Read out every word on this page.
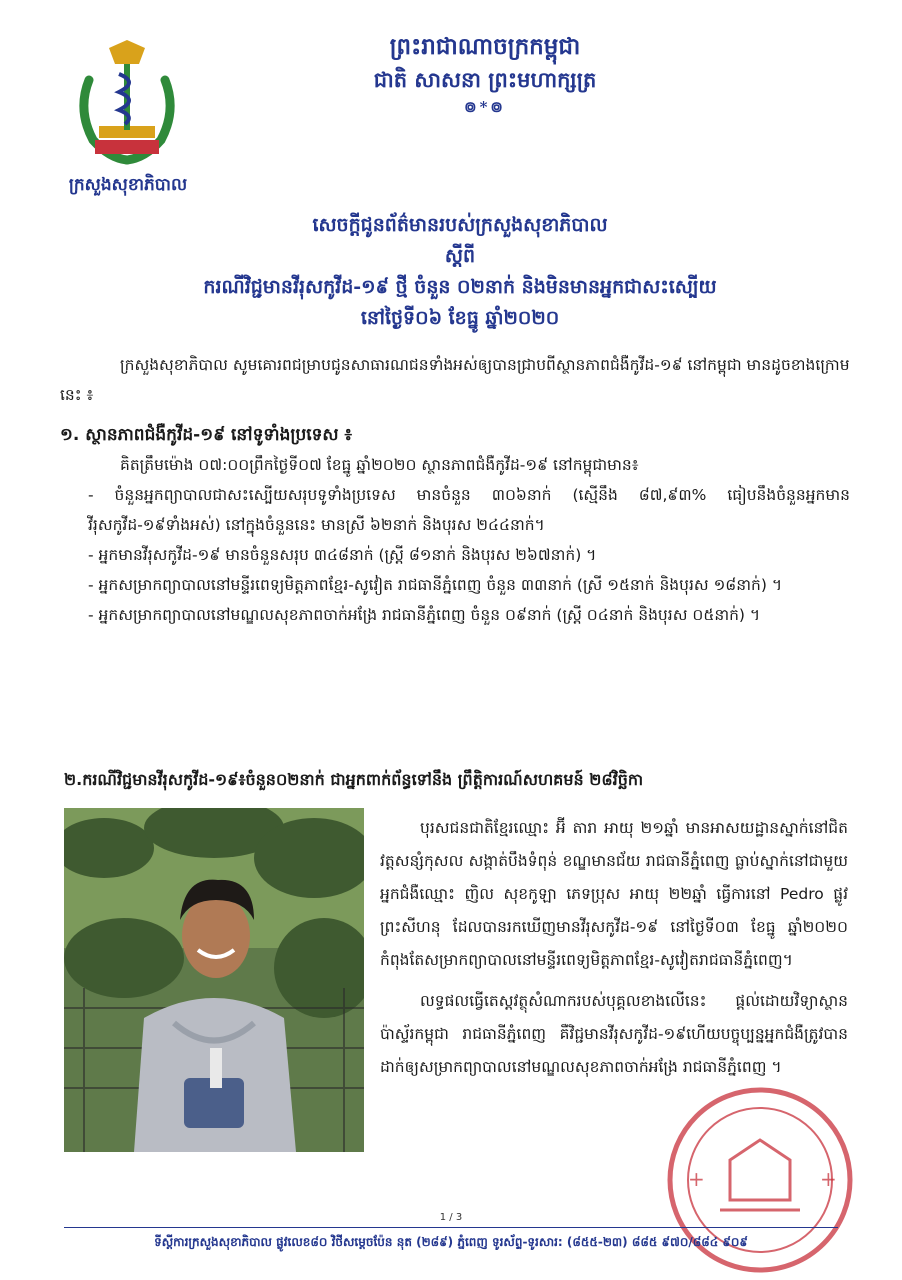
ក្រសួងសុខាភិបាល
ព្រះរាជាណាចក្រកម្ពុជា
ជាតិ សាសនា ព្រះមហាក្សត្រ
៙*៙
សេចក្តីជូនព័ត៌មានរបស់ក្រសួងសុខាភិបាល
ស្តីពី
ករណីវិជ្ជមានវីរុសកូវីដ-១៩ ថ្មី ចំនួន ០២នាក់ និងមិនមានអ្នកជាសះស្បើយ
នៅថ្ងៃទី០៦ ខែធ្នូ ឆ្នាំ២០២០
ក្រសួងសុខាភិបាល សូមគោរពជម្រាបជូនសាធារណជនទាំងអស់ឲ្យបានជ្រាបពីស្ថានភាពជំងឺកូវីដ-១៩ នៅកម្ពុជា មានដូចខាងក្រោមនេះ ៖
១. ស្ថានភាពជំងឺកូវីដ-១៩ នៅទូទាំងប្រទេស ៖
គិតត្រឹមម៉ោង ០៧:០០ព្រឹកថ្ងៃទី០៧ ខែធ្នូ ឆ្នាំ២០២០ ស្ថានភាពជំងឺកូវីដ-១៩ នៅកម្ពុជាមាន៖
- ចំនួនអ្នកព្យាបាលជាសះស្បើយសរុបទូទាំងប្រទេស មានចំនួន ៣០៦នាក់ (ស្មើនឹង ៨៧,៩៣% ធៀបនឹងចំនួនអ្នកមានវីរុសកូវីដ-១៩ទាំងអស់) នៅក្នុងចំនួននេះ មានស្រី ៦២នាក់ និងបុរស ២៤៤នាក់។
- អ្នកមានវីរុសកូវីដ-១៩ មានចំនួនសរុប ៣៤៨នាក់ (ស្ត្រី ៨១នាក់ និងបុរស ២៦៧នាក់) ។
- អ្នកសម្រាកព្យាបាលនៅមន្ទីរពេទ្យមិត្តភាពខ្មែរ-សូវៀត រាជធានីភ្នំពេញ ចំនួន ៣៣នាក់ (ស្រី ១៥នាក់ និងបុរស ១៨នាក់) ។
- អ្នកសម្រាកព្យាបាលនៅមណ្ឌលសុខភាពចាក់អង្រែ រាជធានីភ្នំពេញ ចំនួន ០៩នាក់ (ស្ត្រី ០៤នាក់ និងបុរស ០៥នាក់) ។
២.ករណីវិជ្ជមានវីរុសកូវីដ-១៩៖ចំនួន០២នាក់ ជាអ្នកពាក់ព័ន្ធទៅនឹង ព្រឹត្តិការណ៍សហគមន៍ ២៨វិច្ឆិកា

បុរសជនជាតិខ្មែរឈ្មោះ អ៊ី តារា អាយុ ២១ឆ្នាំ មានអាសយដ្ឋានស្នាក់នៅជិតវត្តសន្សំកុសល សង្កាត់បឹងទំពុន់ ខណ្ឌមានជ័យ រាជធានីភ្នំពេញ ធ្លាប់ស្នាក់នៅជាមួយអ្នកជំងឺឈ្មោះ ញិល សុខកូឡា ភេទប្រុស អាយុ ២២ឆ្នាំ ធ្វើការនៅ Pedro ផ្លូវព្រះសីហនុ ដែលបានរកឃើញមានវីរុសកូវីដ-១៩ នៅថ្ងៃទី០៣ ខែធ្នូ ឆ្នាំ២០២០ កំពុងតែសម្រាកព្យាបាលនៅមន្ទីរពេទ្យមិត្តភាពខ្មែរ-សូវៀតរាជធានីភ្នំពេញ។

លទ្ធផលធ្វើតេស្តវត្ថុសំណាករបស់បុគ្គលខាងលើនេះ ផ្តល់ដោយវិទ្យាស្ថានប៉ាស្ទ័រកម្ពុជា រាជធានីភ្នំពេញ គឺវិជ្ជមានវីរុសកូវីដ-១៩ហើយបច្ចុប្បន្នអ្នកជំងឺត្រូវបានដាក់ឲ្យសម្រាកព្យាបាលនៅមណ្ឌលសុខភាពចាក់អង្រែ រាជធានីភ្នំពេញ ។

+	+
1 / 3
ទីស្តីការក្រសួងសុខាភិបាល ផ្លូវលេខ៨០ វិថីសម្តេចប៉ែន នុត (២៨៩) ភ្នំពេញ ទូរស័ព្ទ-ទូរសារ: (៨៥៥-២៣) ៨៨៥ ៩៧០/៨៨៤ ៩០៩
